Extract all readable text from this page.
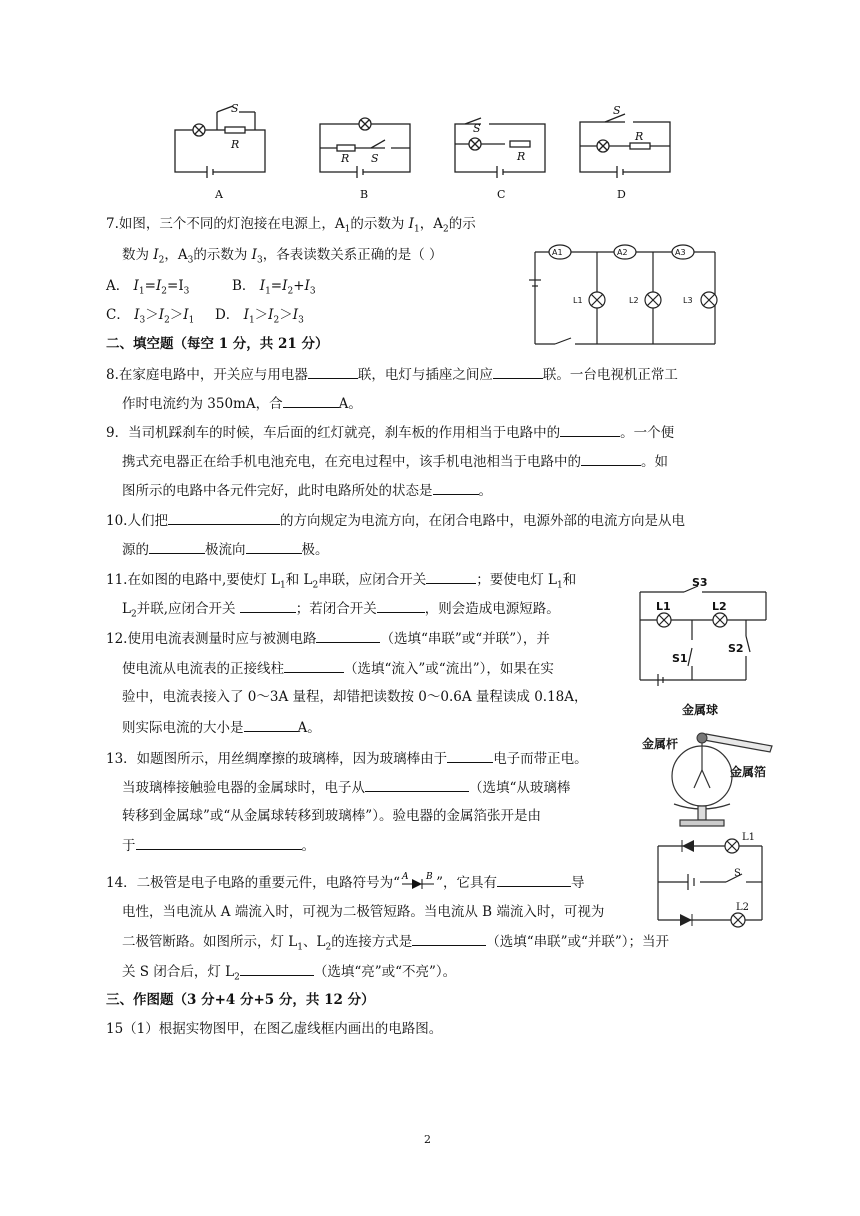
R
S
R S
S
R
S
R
A	B	C	D
7.如图，三个不同的灯泡接在电源上，$A_1$的示数为 $I_1$，$A_2$的示
数为 $I_2$，$A_3$的示数为 $I_3$，各表读数关系正确的是（ ）
A． $I_1=I_2=I_3$	B． $I_1=I_2+I_3$
C． $I_3>I_2>I_1$ D． $I_1>I_2>I_3$
A1	A2	A3
L1	L2	L3
二、填空题（每空 1 分，共 21 分）
8.在家庭电路中，开关应与用电器	联，电灯与插座之间应	联。一台电视机正常工
作时电流约为 350mA，合	A。
9．当司机踩刹车的时候，车后面的红灯就亮，刹车板的作用相当于电路中的	。一个便
携式充电器正在给手机电池充电，在充电过程中，该手机电池相当于电路中的	。如
图所示的电路中各元件完好，此时电路所处的状态是	。
10.人们把	的方向规定为电流方向，在闭合电路中，电源外部的电流方向是从电
源的	极流向	极。
11.在如图的电路中,要使灯 $L_1$和 $L_2$串联，应闭合开关	；要使电灯 $L_1$和
$L_2$并联,应闭合开关	；若闭合开关	，则会造成电源短路。
S3
L1	L2
S2
S1
12.使用电流表测量时应与被测电路	（选填“串联”或“并联”），并
使电流从电流表的正接线柱	（选填“流入”或“流出”），如果在实
验中，电流表接入了 0～3A 量程，却错把读数按 0～0.6A 量程读成 0.18A，
则实际电流的大小是	A。
金属球
金属杆
金属箔
13．如题图所示，用丝绸摩擦的玻璃棒，因为玻璃棒由于	电子而带正电。
当玻璃棒接触验电器的金属球时，电子从	（选填“从玻璃棒
转移到金属球”或“从金属球转移到玻璃棒”）。验电器的金属箔张开是由
于	。
14．二极管是电子电路的重要元件，电路符号为“ A B ”，它具有	导
电性，当电流从 A 端流入时，可视为二极管短路。当电流从 B 端流入时，可视为
二极管断路。如图所示，灯 $L_1$、$L_2$的连接方式是	（选填“串联”或“并联”）；当开
关 S 闭合后，灯 $L_2$	（选填“亮”或“不亮”）。
L1
S
L2
三、作图题（3 分+4 分+5 分，共 12 分）
15（1）根据实物图甲，在图乙虚线框内画出的电路图。
2
